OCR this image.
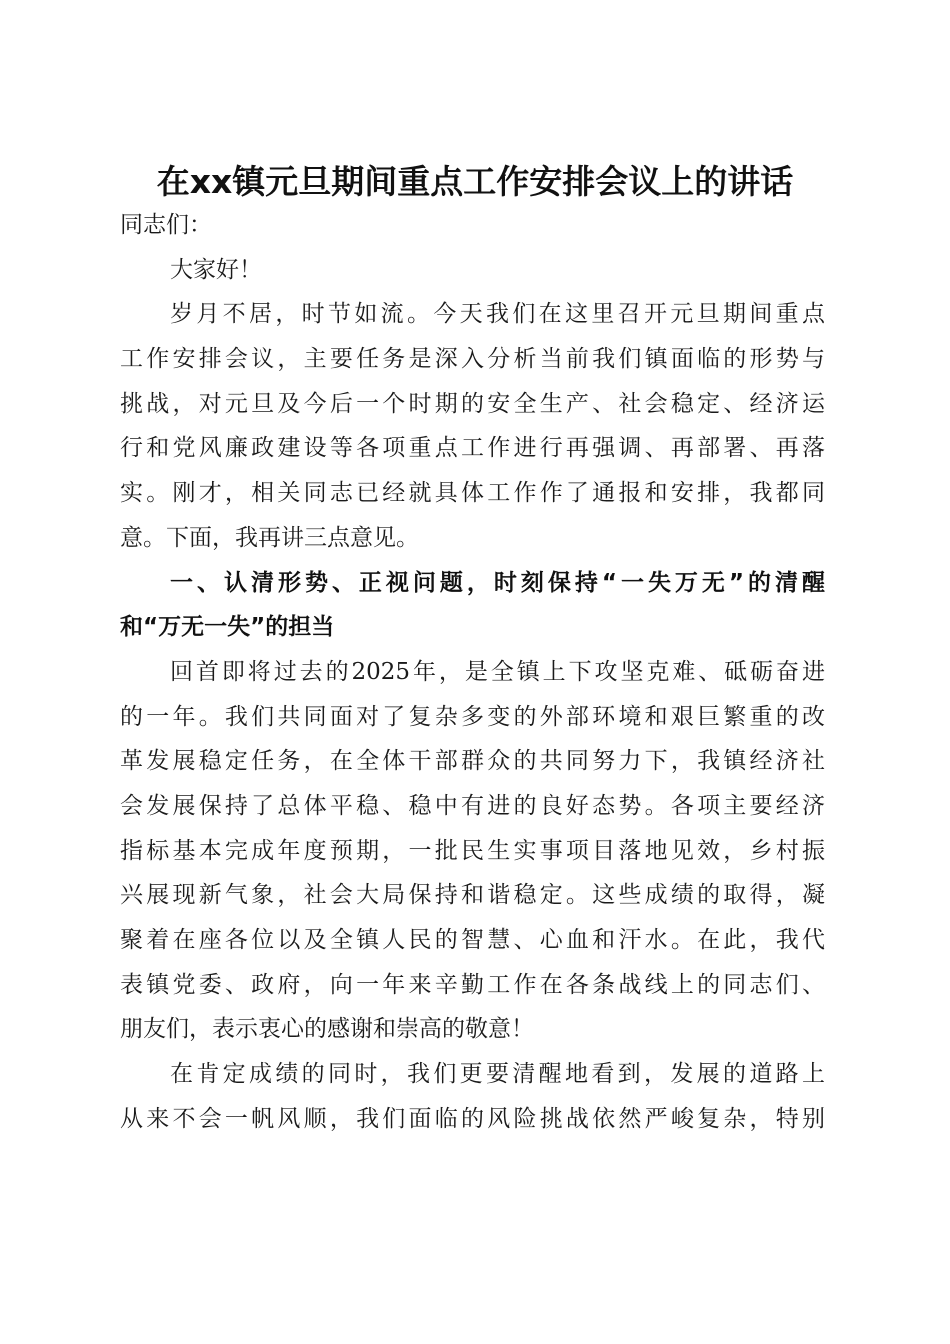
在xx镇元旦期间重点工作安排会议上的讲话
同志们：
大家好！
岁月不居，时节如流。今天我们在这里召开元旦期间重点
工作安排会议，主要任务是深入分析当前我们镇面临的形势与
挑战，对元旦及今后一个时期的安全生产、社会稳定、经济运
行和党风廉政建设等各项重点工作进行再强调、再部署、再落
实。刚才，相关同志已经就具体工作作了通报和安排，我都同
意。下面，我再讲三点意见。
一、认清形势、正视问题，时刻保持“一失万无”的清醒
和“万无一失”的担当
回首即将过去的2025年，是全镇上下攻坚克难、砥砺奋进
的一年。我们共同面对了复杂多变的外部环境和艰巨繁重的改
革发展稳定任务，在全体干部群众的共同努力下，我镇经济社
会发展保持了总体平稳、稳中有进的良好态势。各项主要经济
指标基本完成年度预期，一批民生实事项目落地见效，乡村振
兴展现新气象，社会大局保持和谐稳定。这些成绩的取得，凝
聚着在座各位以及全镇人民的智慧、心血和汗水。在此，我代
表镇党委、政府，向一年来辛勤工作在各条战线上的同志们、
朋友们，表示衷心的感谢和崇高的敬意！
在肯定成绩的同时，我们更要清醒地看到，发展的道路上
从来不会一帆风顺，我们面临的风险挑战依然严峻复杂，特别
